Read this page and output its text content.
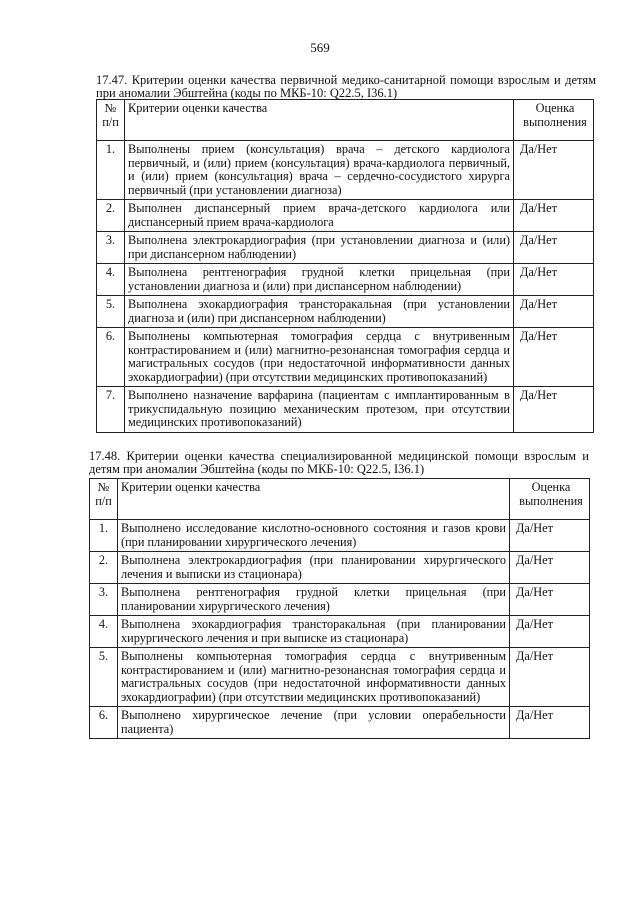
569
17.47. Критерии оценки качества первичной медико-санитарной помощи взрослым и детям при аномалии Эбштейна (коды по МКБ-10: Q22.5, I36.1)
№ п/п	Критерии оценки качества	Оценка выполнения
1.	Выполнены прием (консультация) врача – детского кардиолога первичный, и (или) прием (консультация) врача-кардиолога первичный, и (или) прием (консультация) врача – сердечно-сосудистого хирурга первичный (при установлении диагноза)	Да/Нет
2.	Выполнен диспансерный прием врача-детского кардиолога или диспансерный прием врача-кардиолога	Да/Нет
3.	Выполнена электрокардиография (при установлении диагноза и (или) при диспансерном наблюдении)	Да/Нет
4.	Выполнена рентгенография грудной клетки прицельная (при установлении диагноза и (или) при диспансерном наблюдении)	Да/Нет
5.	Выполнена эхокардиография трансторакальная (при установлении диагноза и (или) при диспансерном наблюдении)	Да/Нет
6.	Выполнены компьютерная томография сердца с внутривенным контрастированием и (или) магнитно-резонансная томография сердца и магистральных сосудов (при недостаточной информативности данных эхокардиографии) (при отсутствии медицинских противопоказаний)	Да/Нет
7.	Выполнено назначение варфарина (пациентам с имплантированным в трикуспидальную позицию механическим протезом, при отсутствии медицинских противопоказаний)	Да/Нет
17.48. Критерии оценки качества специализированной медицинской помощи взрослым и детям при аномалии Эбштейна (коды по МКБ-10: Q22.5, I36.1)
№ п/п	Критерии оценки качества	Оценка выполнения
1.	Выполнено исследование кислотно-основного состояния и газов крови (при планировании хирургического лечения)	Да/Нет
2.	Выполнена электрокардиография (при планировании хирургического лечения и выписки из стационара)	Да/Нет
3.	Выполнена рентгенография грудной клетки прицельная (при планировании хирургического лечения)	Да/Нет
4.	Выполнена эхокардиография трансторакальная (при планировании хирургического лечения и при выписке из стационара)	Да/Нет
5.	Выполнены компьютерная томография сердца с внутривенным контрастированием и (или) магнитно-резонансная томография сердца и магистральных сосудов (при недостаточной информативности данных эхокардиографии) (при отсутствии медицинских противопоказаний)	Да/Нет
6.	Выполнено хирургическое лечение (при условии операбельности пациента)	Да/Нет
